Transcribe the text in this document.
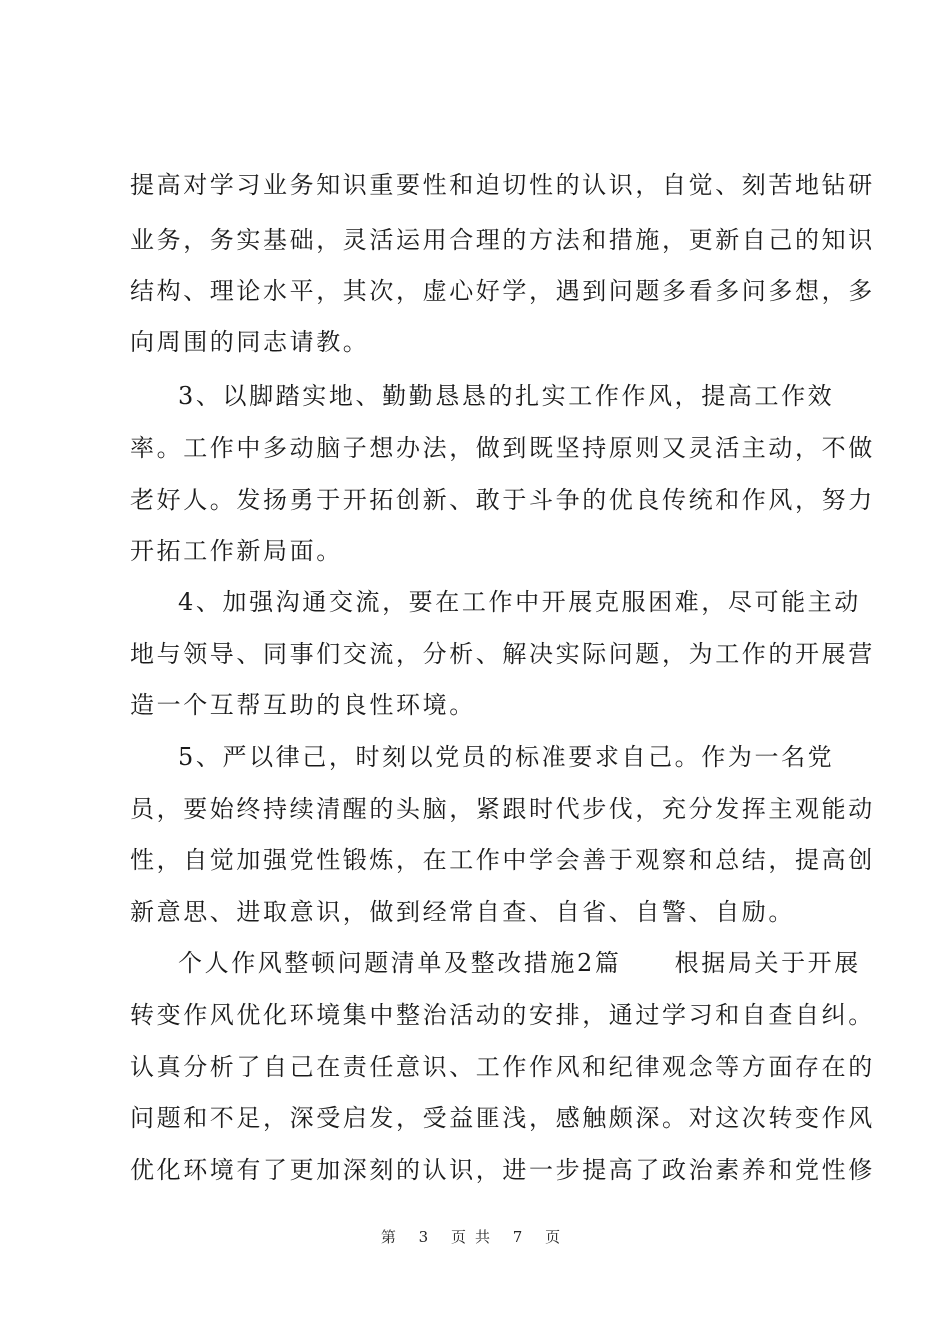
提高对学习业务知识重要性和迫切性的认识，自觉、刻苦地钻研
业务，务实基础，灵活运用合理的方法和措施，更新自己的知识
结构、理论水平，其次，虚心好学，遇到问题多看多问多想，多
向周围的同志请教。
3、以脚踏实地、勤勤恳恳的扎实工作作风，提高工作效
率。工作中多动脑子想办法，做到既坚持原则又灵活主动，不做
老好人。发扬勇于开拓创新、敢于斗争的优良传统和作风，努力
开拓工作新局面。
4、加强沟通交流，要在工作中开展克服困难，尽可能主动
地与领导、同事们交流，分析、解决实际问题，为工作的开展营
造一个互帮互助的良性环境。
5、严以律己，时刻以党员的标准要求自己。作为一名党
员，要始终持续清醒的头脑，紧跟时代步伐，充分发挥主观能动
性，自觉加强党性锻炼，在工作中学会善于观察和总结，提高创
新意思、进取意识，做到经常自查、自省、自警、自励。
个人作风整顿问题清单及整改措施2篇　　根据局关于开展
转变作风优化环境集中整治活动的安排，通过学习和自查自纠。
认真分析了自己在责任意识、工作作风和纪律观念等方面存在的
问题和不足，深受启发，受益匪浅，感触颇深。对这次转变作风
优化环境有了更加深刻的认识，进一步提高了政治素养和党性修
第 3 页共 7 页
